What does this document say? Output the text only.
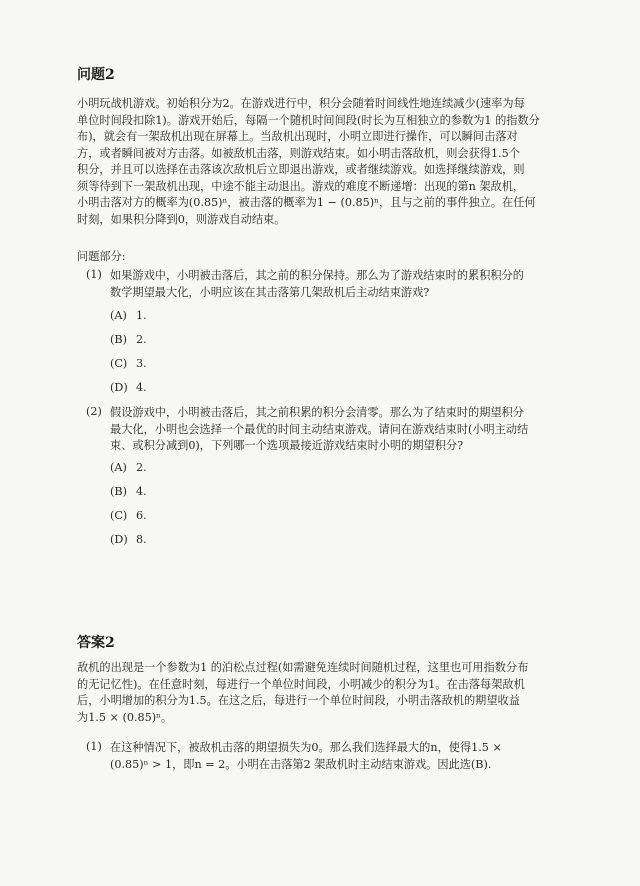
问题2
小明玩战机游戏。初始积分为2。在游戏进行中，积分会随着时间线性地连续减少(速率为每
单位时间段扣除1)。游戏开始后，每隔一个随机时间间段(时长为互相独立的参数为1 的指数分
布)，就会有一架敌机出现在屏幕上。当敌机出现时，小明立即进行操作，可以瞬间击落对
方，或者瞬间被对方击落。如被敌机击落，则游戏结束。如小明击落敌机，则会获得1.5个
积分，并且可以选择在击落该次敌机后立即退出游戏，或者继续游戏。如选择继续游戏，则
须等待到下一架敌机出现，中途不能主动退出。游戏的难度不断递增：出现的第n 架敌机，
小明击落对方的概率为(0.85)ⁿ，被击落的概率为1 − (0.85)ⁿ，且与之前的事件独立。在任何
时刻，如果积分降到0，则游戏自动结束。
问题部分:
(1) 如果游戏中，小明被击落后，其之前的积分保持。那么为了游戏结束时的累积积分的
数学期望最大化，小明应该在其击落第几架敌机后主动结束游戏?
(A) 1.
(B) 2.
(C) 3.
(D) 4.
(2) 假设游戏中，小明被击落后，其之前积累的积分会清零。那么为了结束时的期望积分
最大化，小明也会选择一个最优的时间主动结束游戏。请问在游戏结束时(小明主动结
束、或积分减到0)，下列哪一个选项最接近游戏结束时小明的期望积分?
(A) 2.
(B) 4.
(C) 6.
(D) 8.
答案2
敌机的出现是一个参数为1 的泊松点过程(如需避免连续时间随机过程，这里也可用指数分布
的无记忆性)。在任意时刻，每进行一个单位时间段，小明减少的积分为1。在击落每架敌机
后，小明增加的积分为1.5。在这之后，每进行一个单位时间段，小明击落敌机的期望收益
为1.5 × (0.85)ⁿ。
(1) 在这种情况下，被敌机击落的期望损失为0。那么我们选择最大的n，使得1.5 ×
(0.85)ⁿ > 1，即n = 2。小明在击落第2 架敌机时主动结束游戏。因此选(B).
